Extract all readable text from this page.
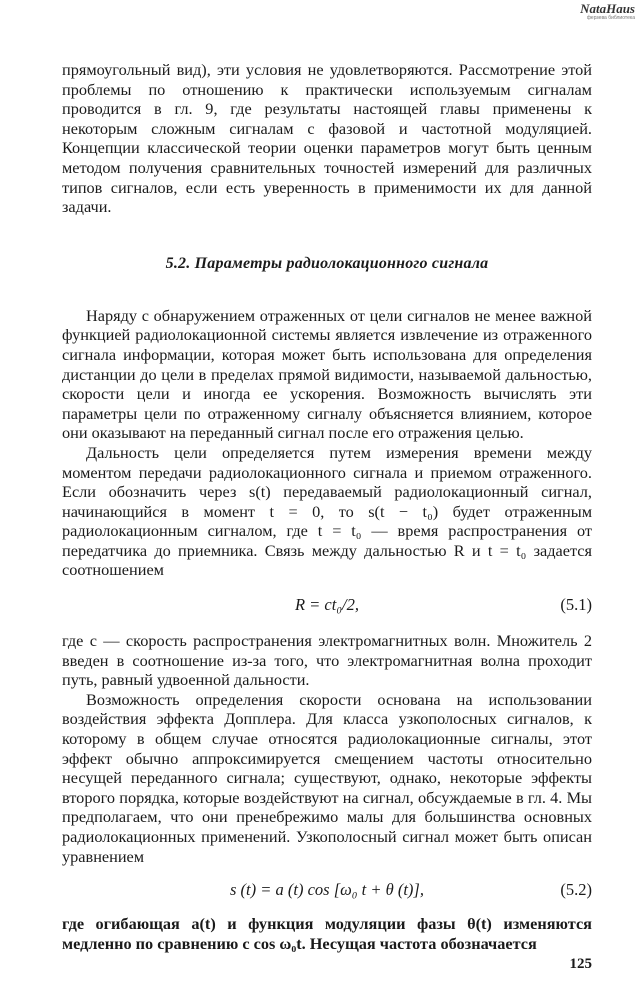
NataHaus
ферзева библиотека

прямоугольный вид), эти условия не удовлетворяются. Рассмотрение этой проблемы по отношению к практически используемым сигналам проводится в гл. 9, где результаты настоящей главы применены к некоторым сложным сигналам с фазовой и частотной модуляцией. Концепции классической теории оценки параметров могут быть ценным методом получения сравнительных точностей измерений для различных типов сигналов, если есть уверенность в применимости их для данной задачи.

5.2. Параметры радиолокационного сигнала

Наряду с обнаружением отраженных от цели сигналов не менее важной функцией радиолокационной системы является извлечение из отраженного сигнала информации, которая может быть использована для определения дистанции до цели в пределах прямой видимости, называемой дальностью, скорости цели и иногда ее ускорения. Возможность вычислять эти параметры цели по отраженному сигналу объясняется влиянием, которое они оказывают на переданный сигнал после его отражения целью.

Дальность цели определяется путем измерения времени между моментом передачи радиолокационного сигнала и приемом отраженного. Если обозначить через s(t) передаваемый радиолокационный сигнал, начинающийся в момент t = 0, то s(t − t₀) будет отраженным радиолокационным сигналом, где t = t₀ — время распространения от передатчика до приемника. Связь между дальностью R и t = t₀ задается соотношением

R = ct₀/2,	(5.1)

где c — скорость распространения электромагнитных волн. Множитель 2 введен в соотношение из-за того, что электромагнитная волна проходит путь, равный удвоенной дальности.

Возможность определения скорости основана на использовании воздействия эффекта Допплера. Для класса узкополосных сигналов, к которому в общем случае относятся радиолокационные сигналы, этот эффект обычно аппроксимируется смещением частоты относительно несущей переданного сигнала; существуют, однако, некоторые эффекты второго порядка, которые воздействуют на сигнал, обсуждаемые в гл. 4. Мы предполагаем, что они пренебрежимо малы для большинства основных радиолокационных применений. Узкополосный сигнал может быть описан уравнением

s (t) = a (t) cos [ω₀ t + θ (t)],	(5.2)

где огибающая a(t) и функция модуляции фазы θ(t) изменяются медленно по сравнению с cos ω₀t. Несущая частота обозначается

125
